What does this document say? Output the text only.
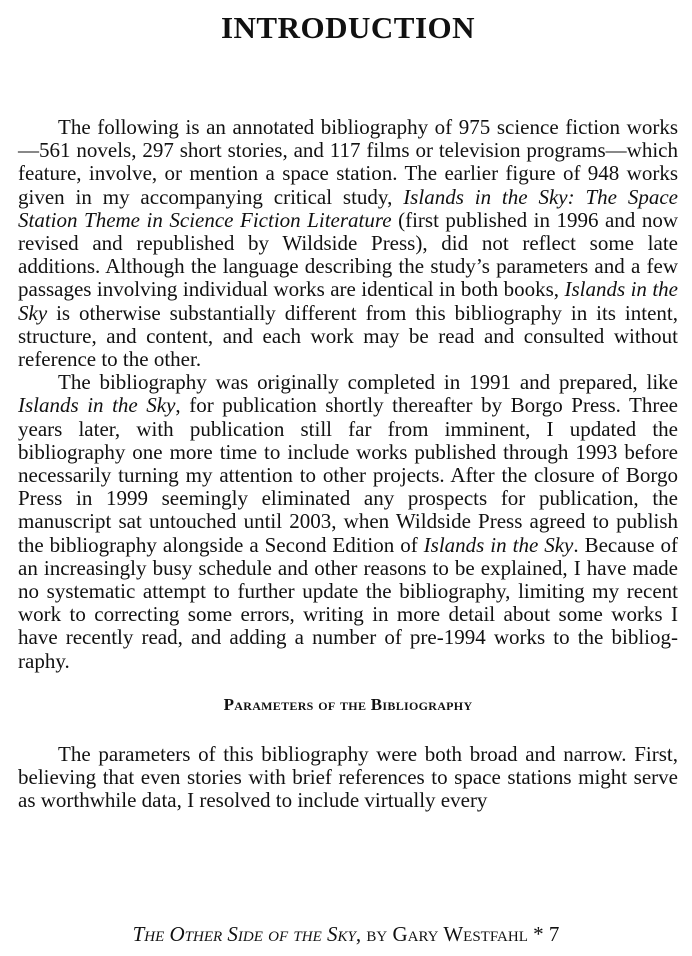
INTRODUCTION

The following is an annotated bibliography of 975 science fiction works—561 novels, 297 short stories, and 117 films or television programs—which feature, involve, or mention a space station. The earlier figure of 948 works given in my accompanying critical study, Islands in the Sky: The Space Station Theme in Science Fiction Literature (first published in 1996 and now revised and republished by Wildside Press), did not reflect some late additions. Although the language describing the study’s parameters and a few passages involving individual works are identical in both books, Islands in the Sky is otherwise substantially different from this bibliography in its intent, structure, and content, and each work may be read and consulted without reference to the other.

The bibliography was originally completed in 1991 and prepared, like Islands in the Sky, for publication shortly thereafter by Borgo Press. Three years later, with publication still far from imminent, I updated the bibliography one more time to include works published through 1993 before necessarily turning my attention to other projects. After the closure of Borgo Press in 1999 seemingly eliminated any prospects for publication, the manuscript sat untouched until 2003, when Wildside Press agreed to publish the bibliography alongside a Second Edition of Islands in the Sky. Because of an increasingly busy schedule and other reasons to be explained, I have made no systematic attempt to further update the bibliography, limiting my recent work to correcting some errors, writing in more detail about some works I have recently read, and adding a number of pre-1994 works to the bibliography.

Parameters of the Bibliography

The parameters of this bibliography were both broad and narrow. First, believing that even stories with brief references to space stations might serve as worthwhile data, I resolved to include virtually every

The Other Side of the Sky, by Gary Westfahl * 7
